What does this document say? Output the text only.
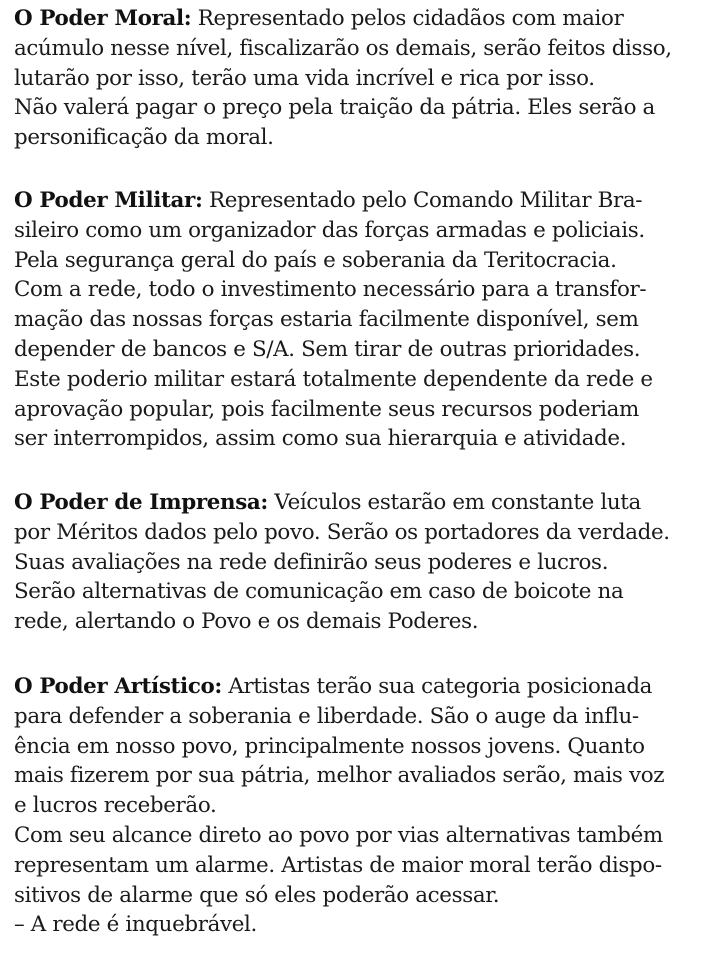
O Poder Moral: Representado pelos cidadãos com maior
acúmulo nesse nível, fiscalizarão os demais, serão feitos disso,
lutarão por isso, terão uma vida incrível e rica por isso.
Não valerá pagar o preço pela traição da pátria. Eles serão a
personificação da moral.
O Poder Militar: Representado pelo Comando Militar Bra-
sileiro como um organizador das forças armadas e policiais.
Pela segurança geral do país e soberania da Teritocracia.
Com a rede, todo o investimento necessário para a transfor-
mação das nossas forças estaria facilmente disponível, sem
depender de bancos e S/A. Sem tirar de outras prioridades.
Este poderio militar estará totalmente dependente da rede e
aprovação popular, pois facilmente seus recursos poderiam
ser interrompidos, assim como sua hierarquia e atividade.
O Poder de Imprensa: Veículos estarão em constante luta
por Méritos dados pelo povo. Serão os portadores da verdade.
Suas avaliações na rede definirão seus poderes e lucros.
Serão alternativas de comunicação em caso de boicote na
rede, alertando o Povo e os demais Poderes.
O Poder Artístico: Artistas terão sua categoria posicionada
para defender a soberania e liberdade. São o auge da influ-
ência em nosso povo, principalmente nossos jovens. Quanto
mais fizerem por sua pátria, melhor avaliados serão, mais voz
e lucros receberão.
Com seu alcance direto ao povo por vias alternativas também
representam um alarme. Artistas de maior moral terão dispo-
sitivos de alarme que só eles poderão acessar.
– A rede é inquebrável.
